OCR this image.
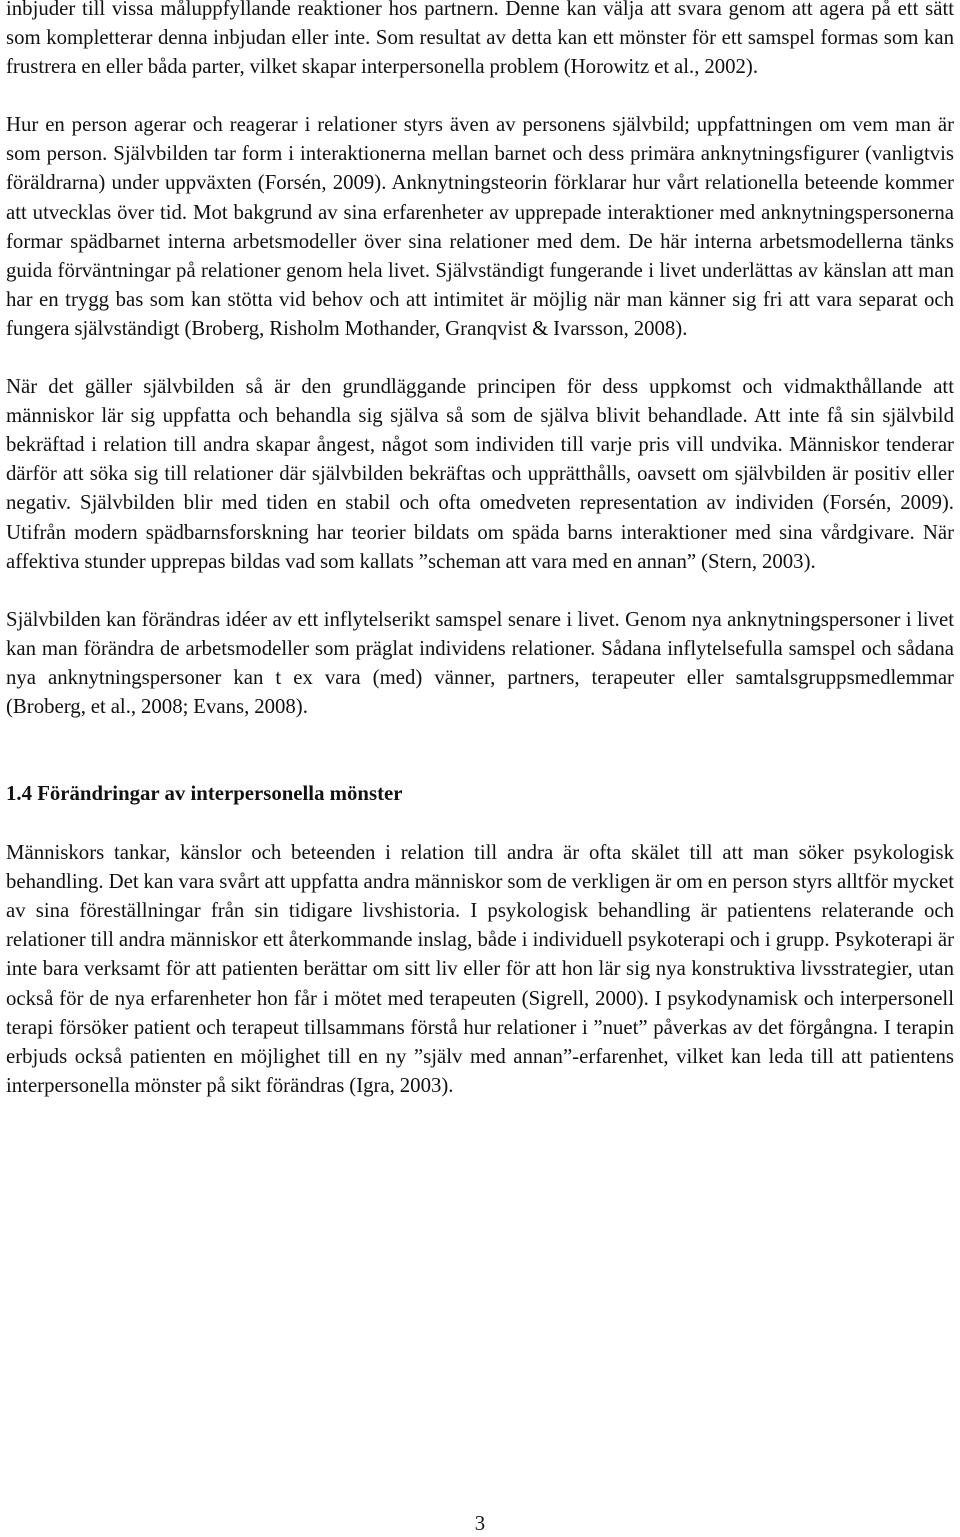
inbjuder till vissa måluppfyllande reaktioner hos partnern. Denne kan välja att svara genom att agera på ett sätt som kompletterar denna inbjudan eller inte. Som resultat av detta kan ett mönster för ett samspel formas som kan frustrera en eller båda parter, vilket skapar interpersonella problem (Horowitz et al., 2002).

Hur en person agerar och reagerar i relationer styrs även av personens självbild; uppfattningen om vem man är som person. Självbilden tar form i interaktionerna mellan barnet och dess primära anknytningsfigurer (vanligtvis föräldrarna) under uppväxten (Forsén, 2009). Anknytningsteorin förklarar hur vårt relationella beteende kommer att utvecklas över tid. Mot bakgrund av sina erfarenheter av upprepade interaktioner med anknytningspersonerna formar spädbarnet interna arbetsmodeller över sina relationer med dem. De här interna arbetsmodellerna tänks guida förväntningar på relationer genom hela livet. Självständigt fungerande i livet underlättas av känslan att man har en trygg bas som kan stötta vid behov och att intimitet är möjlig när man känner sig fri att vara separat och fungera självständigt (Broberg, Risholm Mothander, Granqvist & Ivarsson, 2008).

När det gäller självbilden så är den grundläggande principen för dess uppkomst och vidmakthållande att människor lär sig uppfatta och behandla sig själva så som de själva blivit behandlade. Att inte få sin självbild bekräftad i relation till andra skapar ångest, något som individen till varje pris vill undvika. Människor tenderar därför att söka sig till relationer där självbilden bekräftas och upprätthålls, oavsett om självbilden är positiv eller negativ. Självbilden blir med tiden en stabil och ofta omedveten representation av individen (Forsén, 2009). Utifrån modern spädbarnsforskning har teorier bildats om späda barns interaktioner med sina vårdgivare. När affektiva stunder upprepas bildas vad som kallats ”scheman att vara med en annan” (Stern, 2003).

Självbilden kan förändras idéer av ett inflytelserikt samspel senare i livet. Genom nya anknytningspersoner i livet kan man förändra de arbetsmodeller som präglat individens relationer. Sådana inflytelsefulla samspel och sådana nya anknytningspersoner kan t ex vara (med) vänner, partners, terapeuter eller samtalsgruppsmedlemmar (Broberg, et al., 2008; Evans, 2008).

1.4 Förändringar av interpersonella mönster

Människors tankar, känslor och beteenden i relation till andra är ofta skälet till att man söker psykologisk behandling. Det kan vara svårt att uppfatta andra människor som de verkligen är om en person styrs alltför mycket av sina föreställningar från sin tidigare livshistoria. I psykologisk behandling är patientens relaterande och relationer till andra människor ett återkommande inslag, både i individuell psykoterapi och i grupp. Psykoterapi är inte bara verksamt för att patienten berättar om sitt liv eller för att hon lär sig nya konstruktiva livsstrategier, utan också för de nya erfarenheter hon får i mötet med terapeuten (Sigrell, 2000). I psykodynamisk och interpersonell terapi försöker patient och terapeut tillsammans förstå hur relationer i ”nuet” påverkas av det förgångna. I terapin erbjuds också patienten en möjlighet till en ny ”själv med annan”-erfarenhet, vilket kan leda till att patientens interpersonella mönster på sikt förändras (Igra, 2003).

3
